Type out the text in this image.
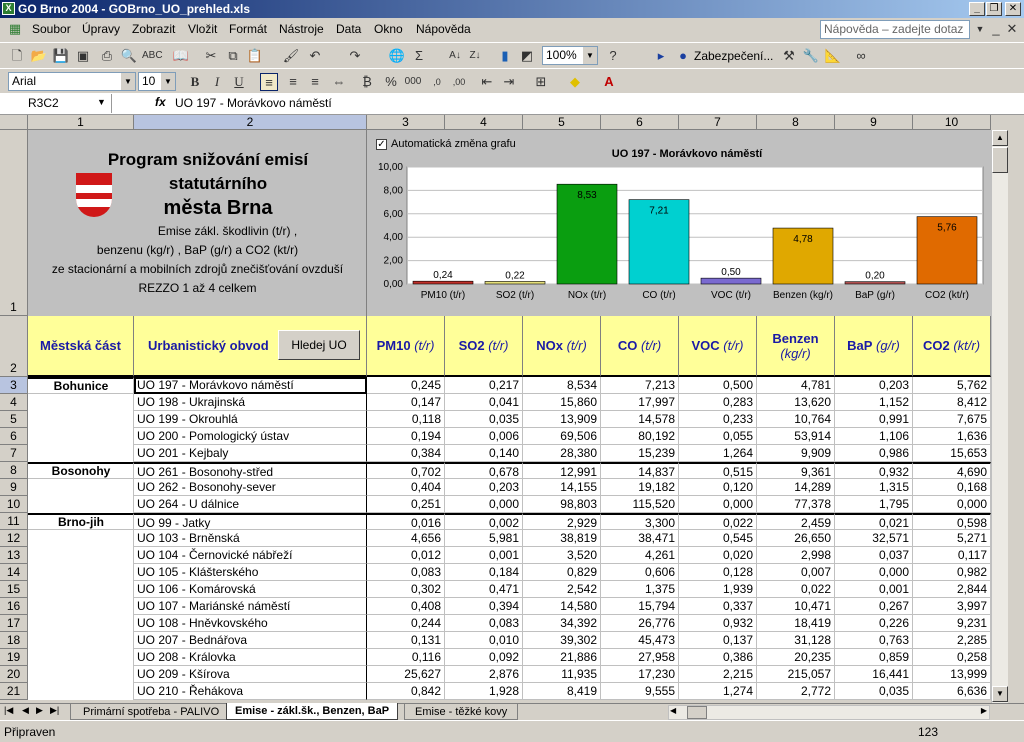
X GO Brno 2004 - GOBrno_UO_prehled.xls	_ ❐	✕
▦ Soubor Úpravy Zobrazit Vložit Formát Nástroje Data Okno Nápověda	Nápověda – zadejte dotaz	▼ _ ✕
🗋 📂 💾 ▣ ⎙ 🔍 ABC 📖 ✂ ⧉ 📋 🖌 ↶ ↷ 🌐 Σ	A↓ Z↓	▮ ◩	100%	▼	?	▸	● Zabezpečení... ⚒ 🔧 📐	∞
Arial	▼ 10	▼	B	I	U	≡	≡	≡	⇔	₿	% 000	,0	,00 ⇤ ⇥ ⊞	◆	A
R3C2	▼	fx UO 197 - Morávkovo náměstí
1	2	3	4	5	6	7	8	9	10
1
2
3
4
5
6
7
8
9
10
11
12
13
14
15
16
17
18
19
20
21
Program snižování emisí
statutárního
města Brna
Emise zákl. škodlivin (t/r) ,
benzenu (kg/r) , BaP (g/r) a CO2 (kt/r)
ze stacionární a mobilních zdrojů znečišťování ovzduší
REZZO 1 až 4 celkem
✓ Automatická změna grafu
UO 197 - Morávkovo náměstí
0,00
2,00
4,00
6,00
8,00
10,00
0,24
PM10 (t/r)
0,22
SO2 (t/r)
8,53
NOx (t/r)
7,21
CO (t/r)
0,50
VOC (t/r)
4,78
Benzen (kg/r)
0,20
BaP (g/r)
5,76
CO2 (kt/r)
Městská část	Urbanistický obvod	Hledej UO	PM10
(t/r) SO2
(t/r) NOx
(t/r) CO
(t/r) VOC
(t/r) Benzen
(kg/r)	BaP
(g/r) CO2
(kt/r)
UO 197 - Morávkovo náměstí	0,245	0,217	8,534	7,213	0,500	4,781	0,203	5,762
UO 198 - Ukrajinská	0,147	0,041	15,860	17,997	0,283	13,620	1,152	8,412
UO 199 - Okrouhlá	0,118	0,035	13,909	14,578	0,233	10,764	0,991	7,675
UO 200 - Pomologický ústav	0,194	0,006	69,506	80,192	0,055	53,914	1,106	1,636
UO 201 - Kejbaly	0,384	0,140	28,380	15,239	1,264	9,909	0,986	15,653
UO 261 - Bosonohy-střed	0,702	0,678	12,991	14,837	0,515	9,361	0,932	4,690
UO 262 - Bosonohy-sever	0,404	0,203	14,155	19,182	0,120	14,289	1,315	0,168
UO 264 - U dálnice	0,251	0,000	98,803	115,520	0,000	77,378	1,795	0,000
UO 99 - Jatky	0,016	0,002	2,929	3,300	0,022	2,459	0,021	0,598
UO 103 - Brněnská	4,656	5,981	38,819	38,471	0,545	26,650	32,571	5,271
UO 104 - Černovické nábřeží	0,012	0,001	3,520	4,261	0,020	2,998	0,037	0,117
UO 105 - Klášterského	0,083	0,184	0,829	0,606	0,128	0,007	0,000	0,982
UO 106 - Komárovská	0,302	0,471	2,542	1,375	1,939	0,022	0,001	2,844
UO 107 - Mariánské náměstí	0,408	0,394	14,580	15,794	0,337	10,471	0,267	3,997
UO 108 - Hněvkovského	0,244	0,083	34,392	26,776	0,932	18,419	0,226	9,231
UO 207 - Bednářova	0,131	0,010	39,302	45,473	0,137	31,128	0,763	2,285
UO 208 - Královka	0,116	0,092	21,886	27,958	0,386	20,235	0,859	0,258
UO 209 - Kšírova	25,627	2,876	11,935	17,230	2,215	215,057	16,441	13,999
UO 210 - Řehákova	0,842	1,928	8,419	9,555	1,274	2,772	0,035	6,636
Bohunice
Bosonohy
Brno-jih
▲
▼
|◀ ◀ ▶ ▶|	Primární spotřeba - PALIVO	Emise - zákl.šk., Benzen, BaP	Emise - těžké kovy	◀	▶
Připraven	123
